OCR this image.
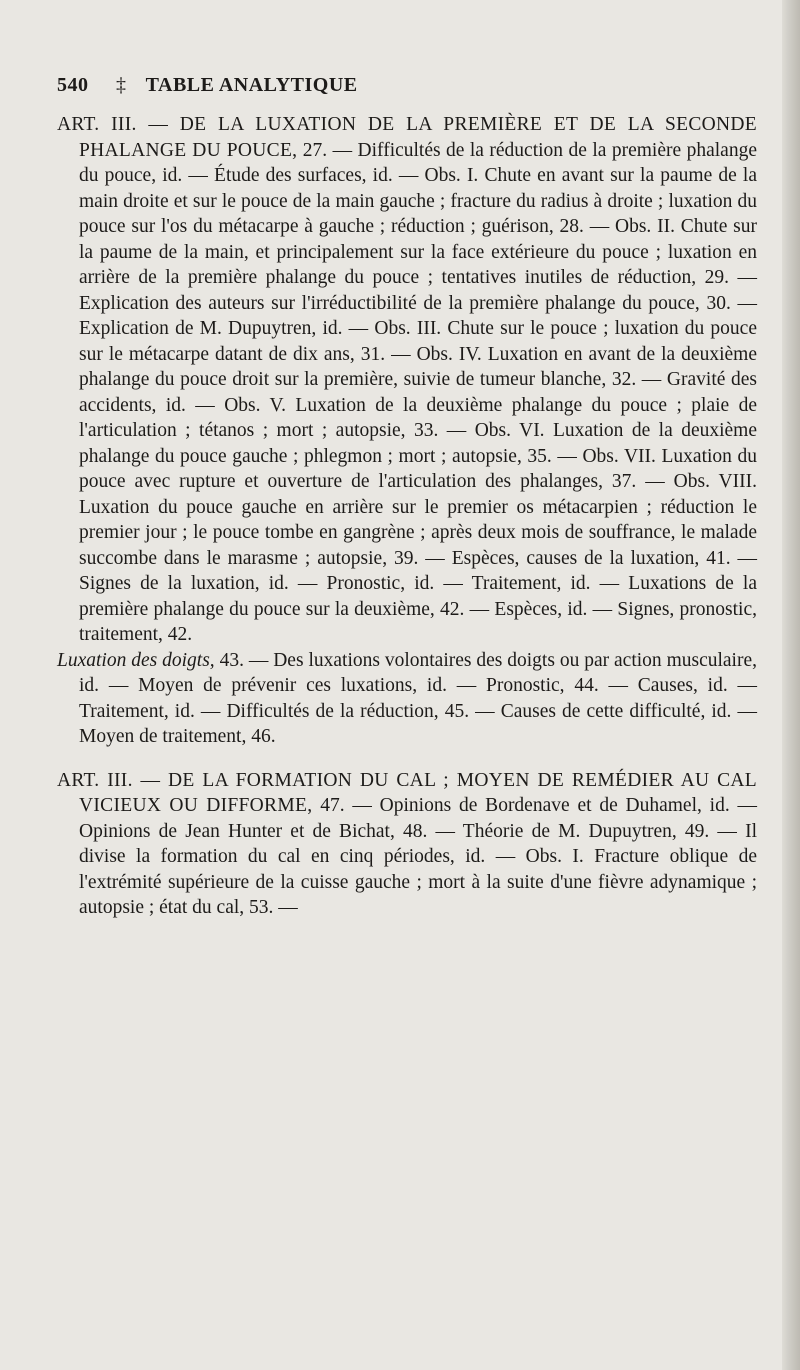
540 ‡ TABLE ANALYTIQUE

ART. III. — DE LA LUXATION DE LA PREMIÈRE ET DE LA SECONDE PHALANGE DU POUCE, 27. — Difficultés de la réduction de la première phalange du pouce, id. — Étude des surfaces, id. — Obs. I. Chute en avant sur la paume de la main droite et sur le pouce de la main gauche ; fracture du radius à droite ; luxation du pouce sur l'os du métacarpe à gauche ; réduction ; guérison, 28. — Obs. II. Chute sur la paume de la main, et principalement sur la face extérieure du pouce ; luxation en arrière de la première phalange du pouce ; tentatives inutiles de réduction, 29. — Explication des auteurs sur l'irréductibilité de la première phalange du pouce, 30. — Explication de M. Dupuytren, id. — Obs. III. Chute sur le pouce ; luxation du pouce sur le métacarpe datant de dix ans, 31. — Obs. IV. Luxation en avant de la deuxième phalange du pouce droit sur la première, suivie de tumeur blanche, 32. — Gravité des accidents, id. — Obs. V. Luxation de la deuxième phalange du pouce ; plaie de l'articulation ; tétanos ; mort ; autopsie, 33. — Obs. VI. Luxation de la deuxième phalange du pouce gauche ; phlegmon ; mort ; autopsie, 35. — Obs. VII. Luxation du pouce avec rupture et ouverture de l'articulation des phalanges, 37. — Obs. VIII. Luxation du pouce gauche en arrière sur le premier os métacarpien ; réduction le premier jour ; le pouce tombe en gangrène ; après deux mois de souffrance, le malade succombe dans le marasme ; autopsie, 39. — Espèces, causes de la luxation, 41. — Signes de la luxation, id. — Pronostic, id. — Traitement, id. — Luxations de la première phalange du pouce sur la deuxième, 42. — Espèces, id. — Signes, pronostic, traitement, 42.

Luxation des doigts, 43. — Des luxations volontaires des doigts ou par action musculaire, id. — Moyen de prévenir ces luxations, id. — Pronostic, 44. — Causes, id. — Traitement, id. — Difficultés de la réduction, 45. — Causes de cette difficulté, id. — Moyen de traitement, 46.

ART. III. — DE LA FORMATION DU CAL ; MOYEN DE REMÉDIER AU CAL VICIEUX OU DIFFORME, 47. — Opinions de Bordenave et de Duhamel, id. — Opinions de Jean Hunter et de Bichat, 48. — Théorie de M. Dupuytren, 49. — Il divise la formation du cal en cinq périodes, id. — Obs. I. Fracture oblique de l'extrémité supérieure de la cuisse gauche ; mort à la suite d'une fièvre adynamique ; autopsie ; état du cal, 53. —
